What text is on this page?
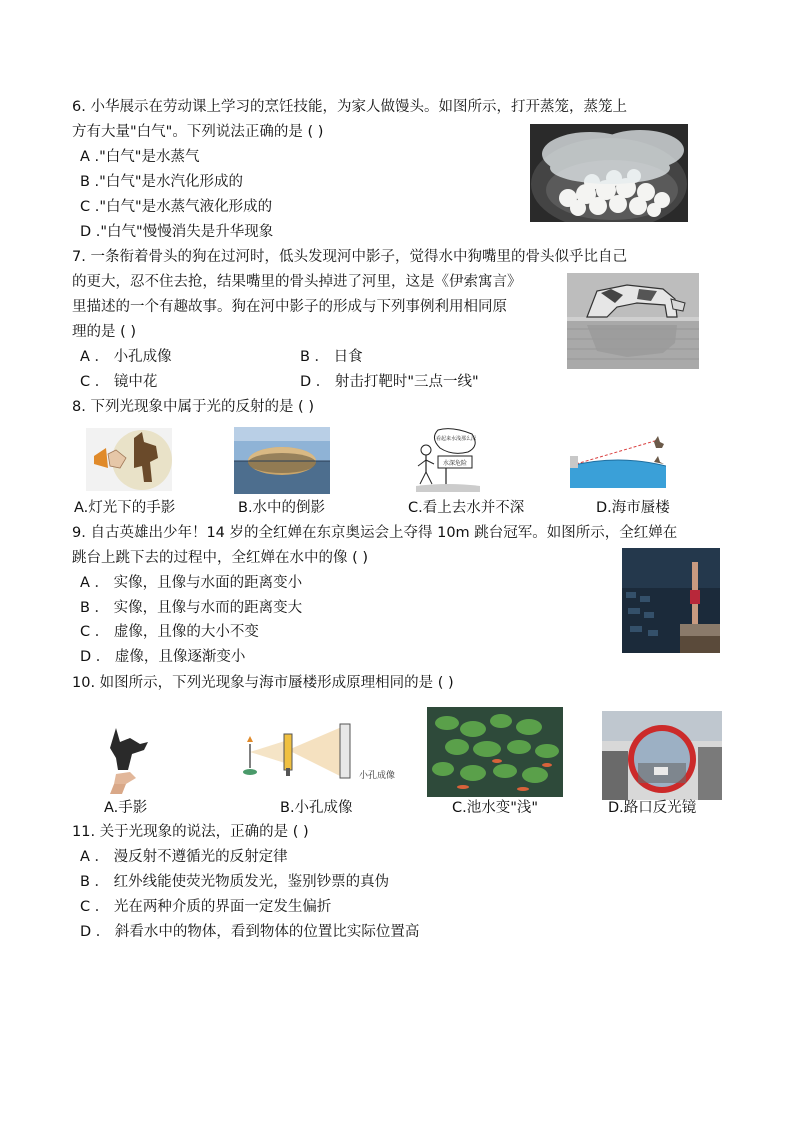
6. 小华展示在劳动课上学习的烹饪技能，为家人做馒头。如图所示，打开蒸笼，蒸笼上
方有大量"白气"。下列说法正确的是 ( )
A ."白气"是水蒸气
B ."白气"是水汽化形成的
C ."白气"是水蒸气液化形成的
D ."白气"慢慢消失是升华现象
7. 一条衔着骨头的狗在过河时，低头发现河中影子，觉得水中狗嘴里的骨头似乎比自己
的更大，忍不住去抢，结果嘴里的骨头掉进了河里，这是《伊索寓言》
里描述的一个有趣故事。狗在河中影子的形成与下列事例利用相同原
理的是 ( )
A ． 小孔成像	B ． 日食
C ． 镜中花	D ． 射击打靶时"三点一线"
8. 下列光现象中属于光的反射的是 ( )
看起来水浅那么深
水深危险
A.灯光下的手影	B.水中的倒影	C.看上去水并不深	D.海市蜃楼
9. 自古英雄出少年！14 岁的全红婵在东京奥运会上夺得 10m 跳台冠军。如图所示，全红婵在
跳台上跳下去的过程中，全红婵在水中的像 ( )
A ． 实像，且像与水面的距离变小
B ． 实像，且像与水而的距离变大
C ． 虚像，且像的大小不变
D ． 虚像，且像逐渐变小
10. 如图所示，下列光现象与海市蜃楼形成原理相同的是 ( )
小孔成像
A.手影	B.小孔成像	C.池水变"浅"	D.路口反光镜
11. 关于光现象的说法，正确的是 ( )
A ． 漫反射不遵循光的反射定律
B ． 红外线能使荧光物质发光，鉴别钞票的真伪
C ． 光在两种介质的界面一定发生偏折
D ． 斜看水中的物体，看到物体的位置比实际位置高
